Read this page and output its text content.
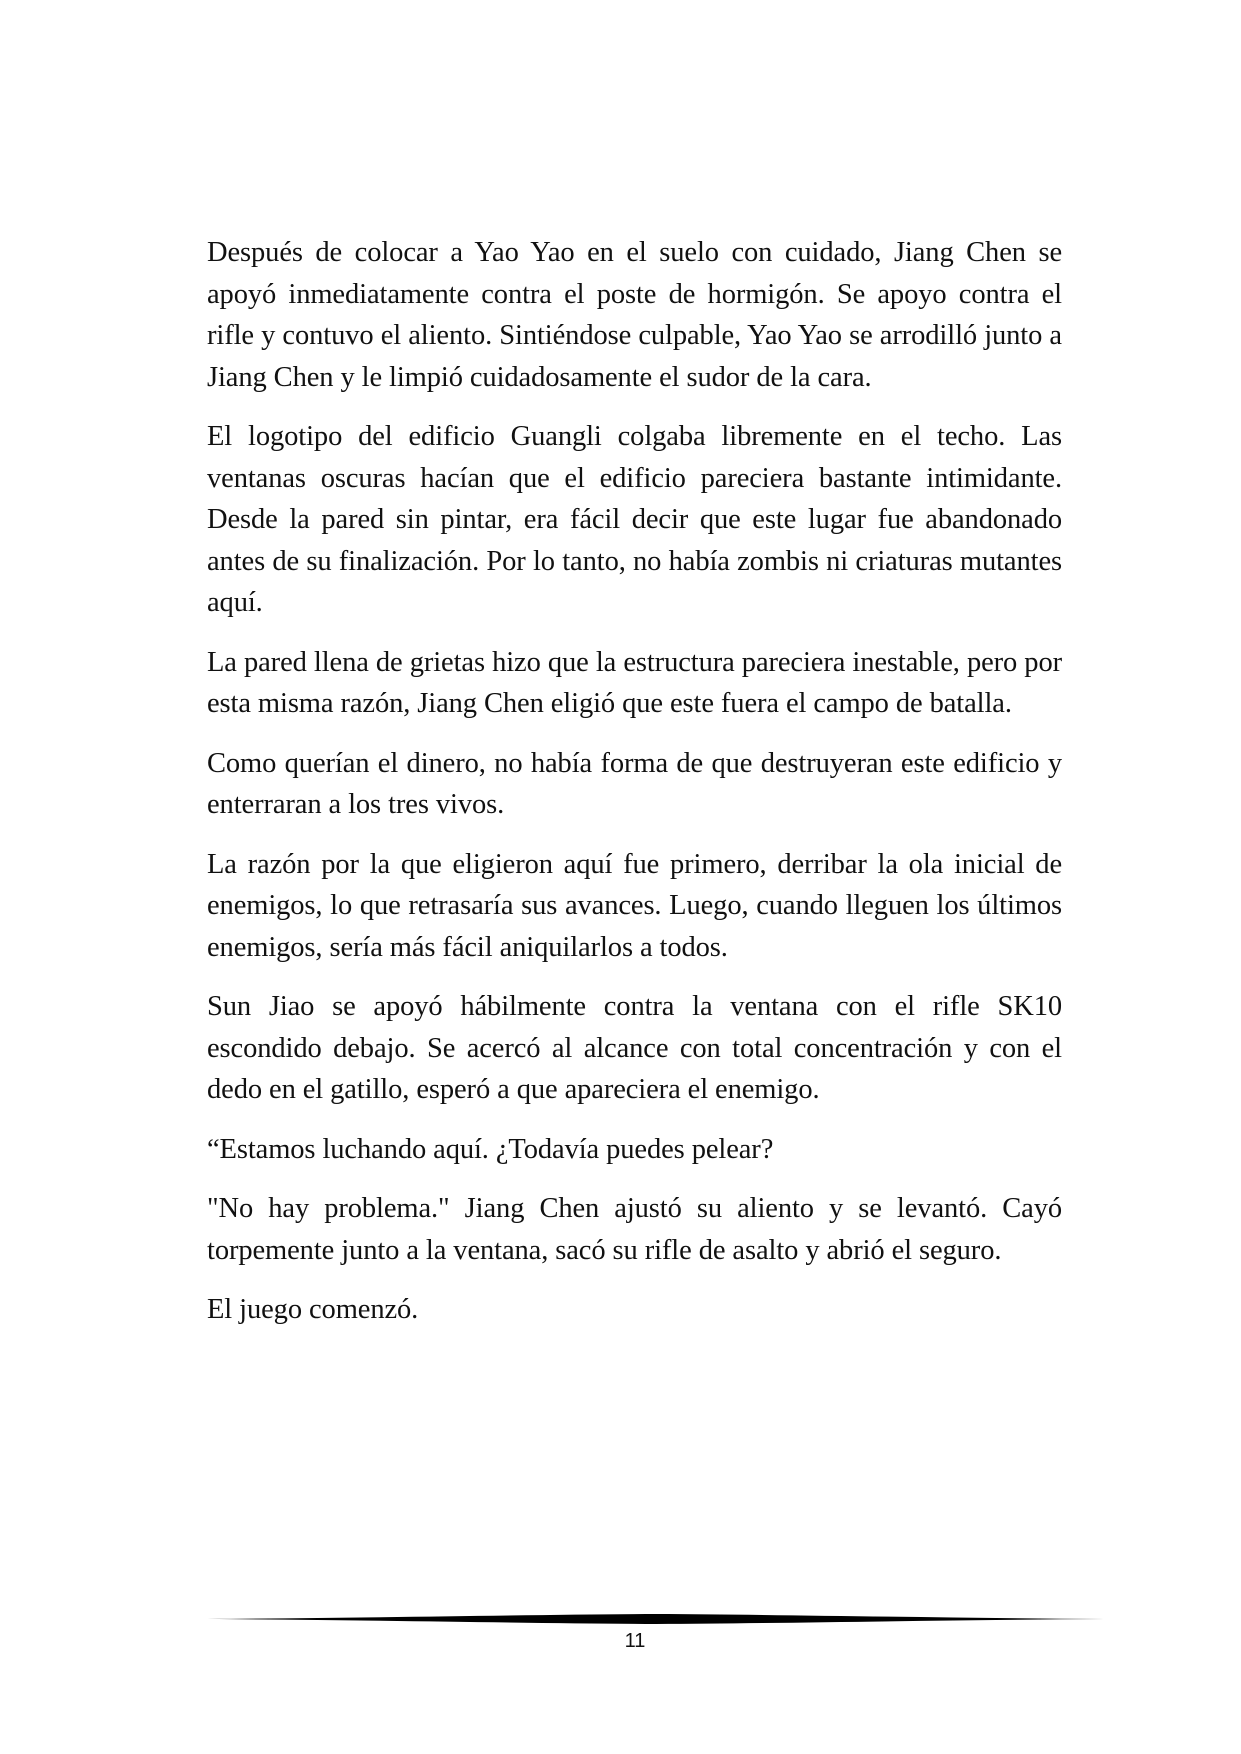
Después de colocar a Yao Yao en el suelo con cuidado, Jiang Chen se apoyó inmediatamente contra el poste de hormigón. Se apoyo contra el rifle y contuvo el aliento. Sintiéndose culpable, Yao Yao se arrodilló junto a Jiang Chen y le limpió cuidadosamente el sudor de la cara.

El logotipo del edificio Guangli colgaba libremente en el techo. Las ventanas oscuras hacían que el edificio pareciera bastante intimidante. Desde la pared sin pintar, era fácil decir que este lugar fue abandonado antes de su finalización. Por lo tanto, no había zombis ni criaturas mutantes aquí.

La pared llena de grietas hizo que la estructura pareciera inestable, pero por esta misma razón, Jiang Chen eligió que este fuera el campo de batalla.

Como querían el dinero, no había forma de que destruyeran este edificio y enterraran a los tres vivos.

La razón por la que eligieron aquí fue primero, derribar la ola inicial de enemigos, lo que retrasaría sus avances. Luego, cuando lleguen los últimos enemigos, sería más fácil aniquilarlos a todos.

Sun Jiao se apoyó hábilmente contra la ventana con el rifle SK10 escondido debajo. Se acercó al alcance con total concentración y con el dedo en el gatillo, esperó a que apareciera el enemigo.

“Estamos luchando aquí. ¿Todavía puedes pelear?

"No hay problema." Jiang Chen ajustó su aliento y se levantó. Cayó torpemente junto a la ventana, sacó su rifle de asalto y abrió el seguro.

El juego comenzó.

11
